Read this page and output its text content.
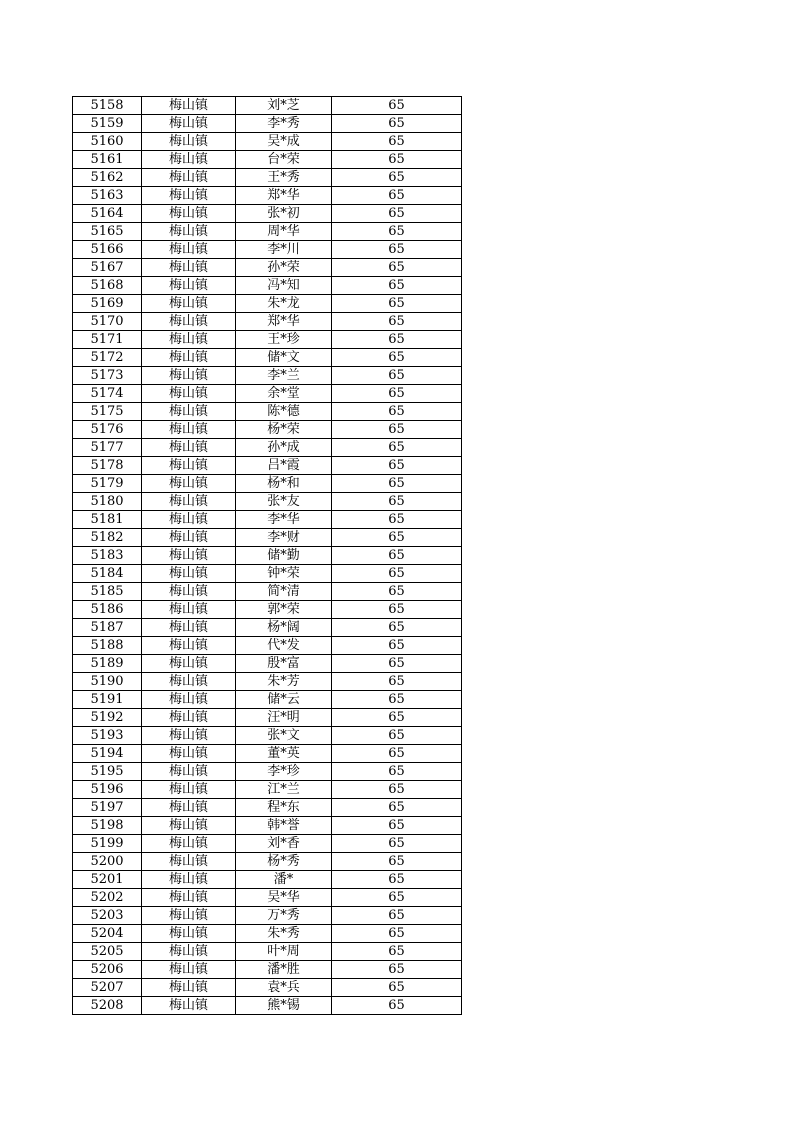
5158	梅山镇	刘*芝	65
5159	梅山镇	李*秀	65
5160	梅山镇	吴*成	65
5161	梅山镇	台*荣	65
5162	梅山镇	王*秀	65
5163	梅山镇	郑*华	65
5164	梅山镇	张*初	65
5165	梅山镇	周*华	65
5166	梅山镇	李*川	65
5167	梅山镇	孙*荣	65
5168	梅山镇	冯*知	65
5169	梅山镇	朱*龙	65
5170	梅山镇	郑*华	65
5171	梅山镇	王*珍	65
5172	梅山镇	储*文	65
5173	梅山镇	李*兰	65
5174	梅山镇	余*堂	65
5175	梅山镇	陈*德	65
5176	梅山镇	杨*荣	65
5177	梅山镇	孙*成	65
5178	梅山镇	吕*霞	65
5179	梅山镇	杨*和	65
5180	梅山镇	张*友	65
5181	梅山镇	李*华	65
5182	梅山镇	李*财	65
5183	梅山镇	储*勤	65
5184	梅山镇	钟*荣	65
5185	梅山镇	简*清	65
5186	梅山镇	郭*荣	65
5187	梅山镇	杨*阔	65
5188	梅山镇	代*发	65
5189	梅山镇	殷*富	65
5190	梅山镇	朱*芳	65
5191	梅山镇	储*云	65
5192	梅山镇	汪*明	65
5193	梅山镇	张*文	65
5194	梅山镇	董*英	65
5195	梅山镇	李*珍	65
5196	梅山镇	江*兰	65
5197	梅山镇	程*东	65
5198	梅山镇	韩*誉	65
5199	梅山镇	刘*香	65
5200	梅山镇	杨*秀	65
5201	梅山镇	潘*	65
5202	梅山镇	吴*华	65
5203	梅山镇	万*秀	65
5204	梅山镇	朱*秀	65
5205	梅山镇	叶*周	65
5206	梅山镇	潘*胜	65
5207	梅山镇	袁*兵	65
5208	梅山镇	熊*锡	65
